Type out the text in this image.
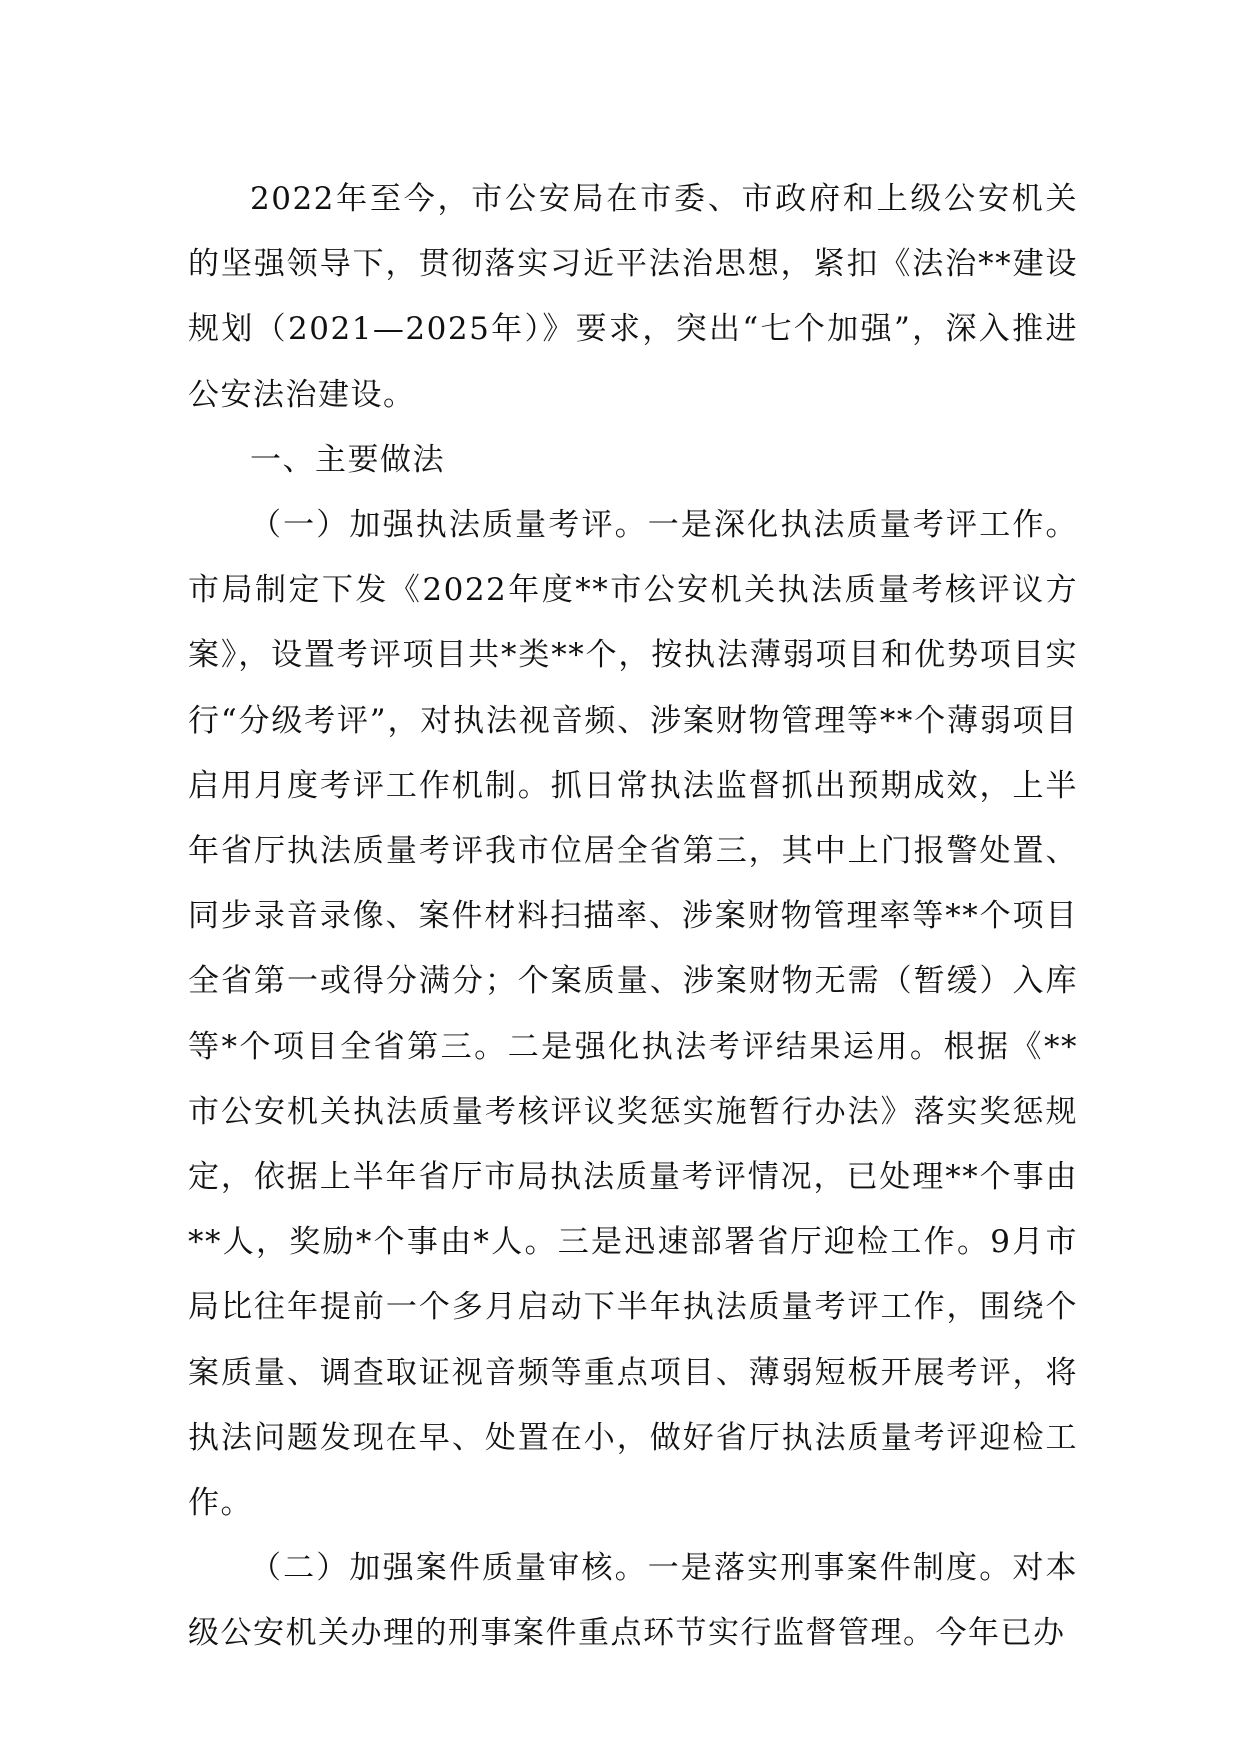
2022年至今，市公安局在市委、市政府和上级公安机关的坚强领导下，贯彻落实习近平法治思想，紧扣《法治**建设规划（2021—2025年）》要求，突出“七个加强”，深入推进公安法治建设。

一、主要做法

（一）加强执法质量考评。一是深化执法质量考评工作。市局制定下发《2022年度**市公安机关执法质量考核评议方案》，设置考评项目共*类**个，按执法薄弱项目和优势项目实行“分级考评”，对执法视音频、涉案财物管理等**个薄弱项目启用月度考评工作机制。抓日常执法监督抓出预期成效，上半年省厅执法质量考评我市位居全省第三，其中上门报警处置、同步录音录像、案件材料扫描率、涉案财物管理率等**个项目全省第一或得分满分；个案质量、涉案财物无需（暂缓）入库等*个项目全省第三。二是强化执法考评结果运用。根据《**市公安机关执法质量考核评议奖惩实施暂行办法》落实奖惩规定，依据上半年省厅市局执法质量考评情况，已处理**个事由**人，奖励*个事由*人。三是迅速部署省厅迎检工作。9月市局比往年提前一个多月启动下半年执法质量考评工作，围绕个案质量、调查取证视音频等重点项目、薄弱短板开展考评，将执法问题发现在早、处置在小，做好省厅执法质量考评迎检工作。

（二）加强案件质量审核。一是落实刑事案件制度。对本级公安机关办理的刑事案件重点环节实行监督管理。今年已办
